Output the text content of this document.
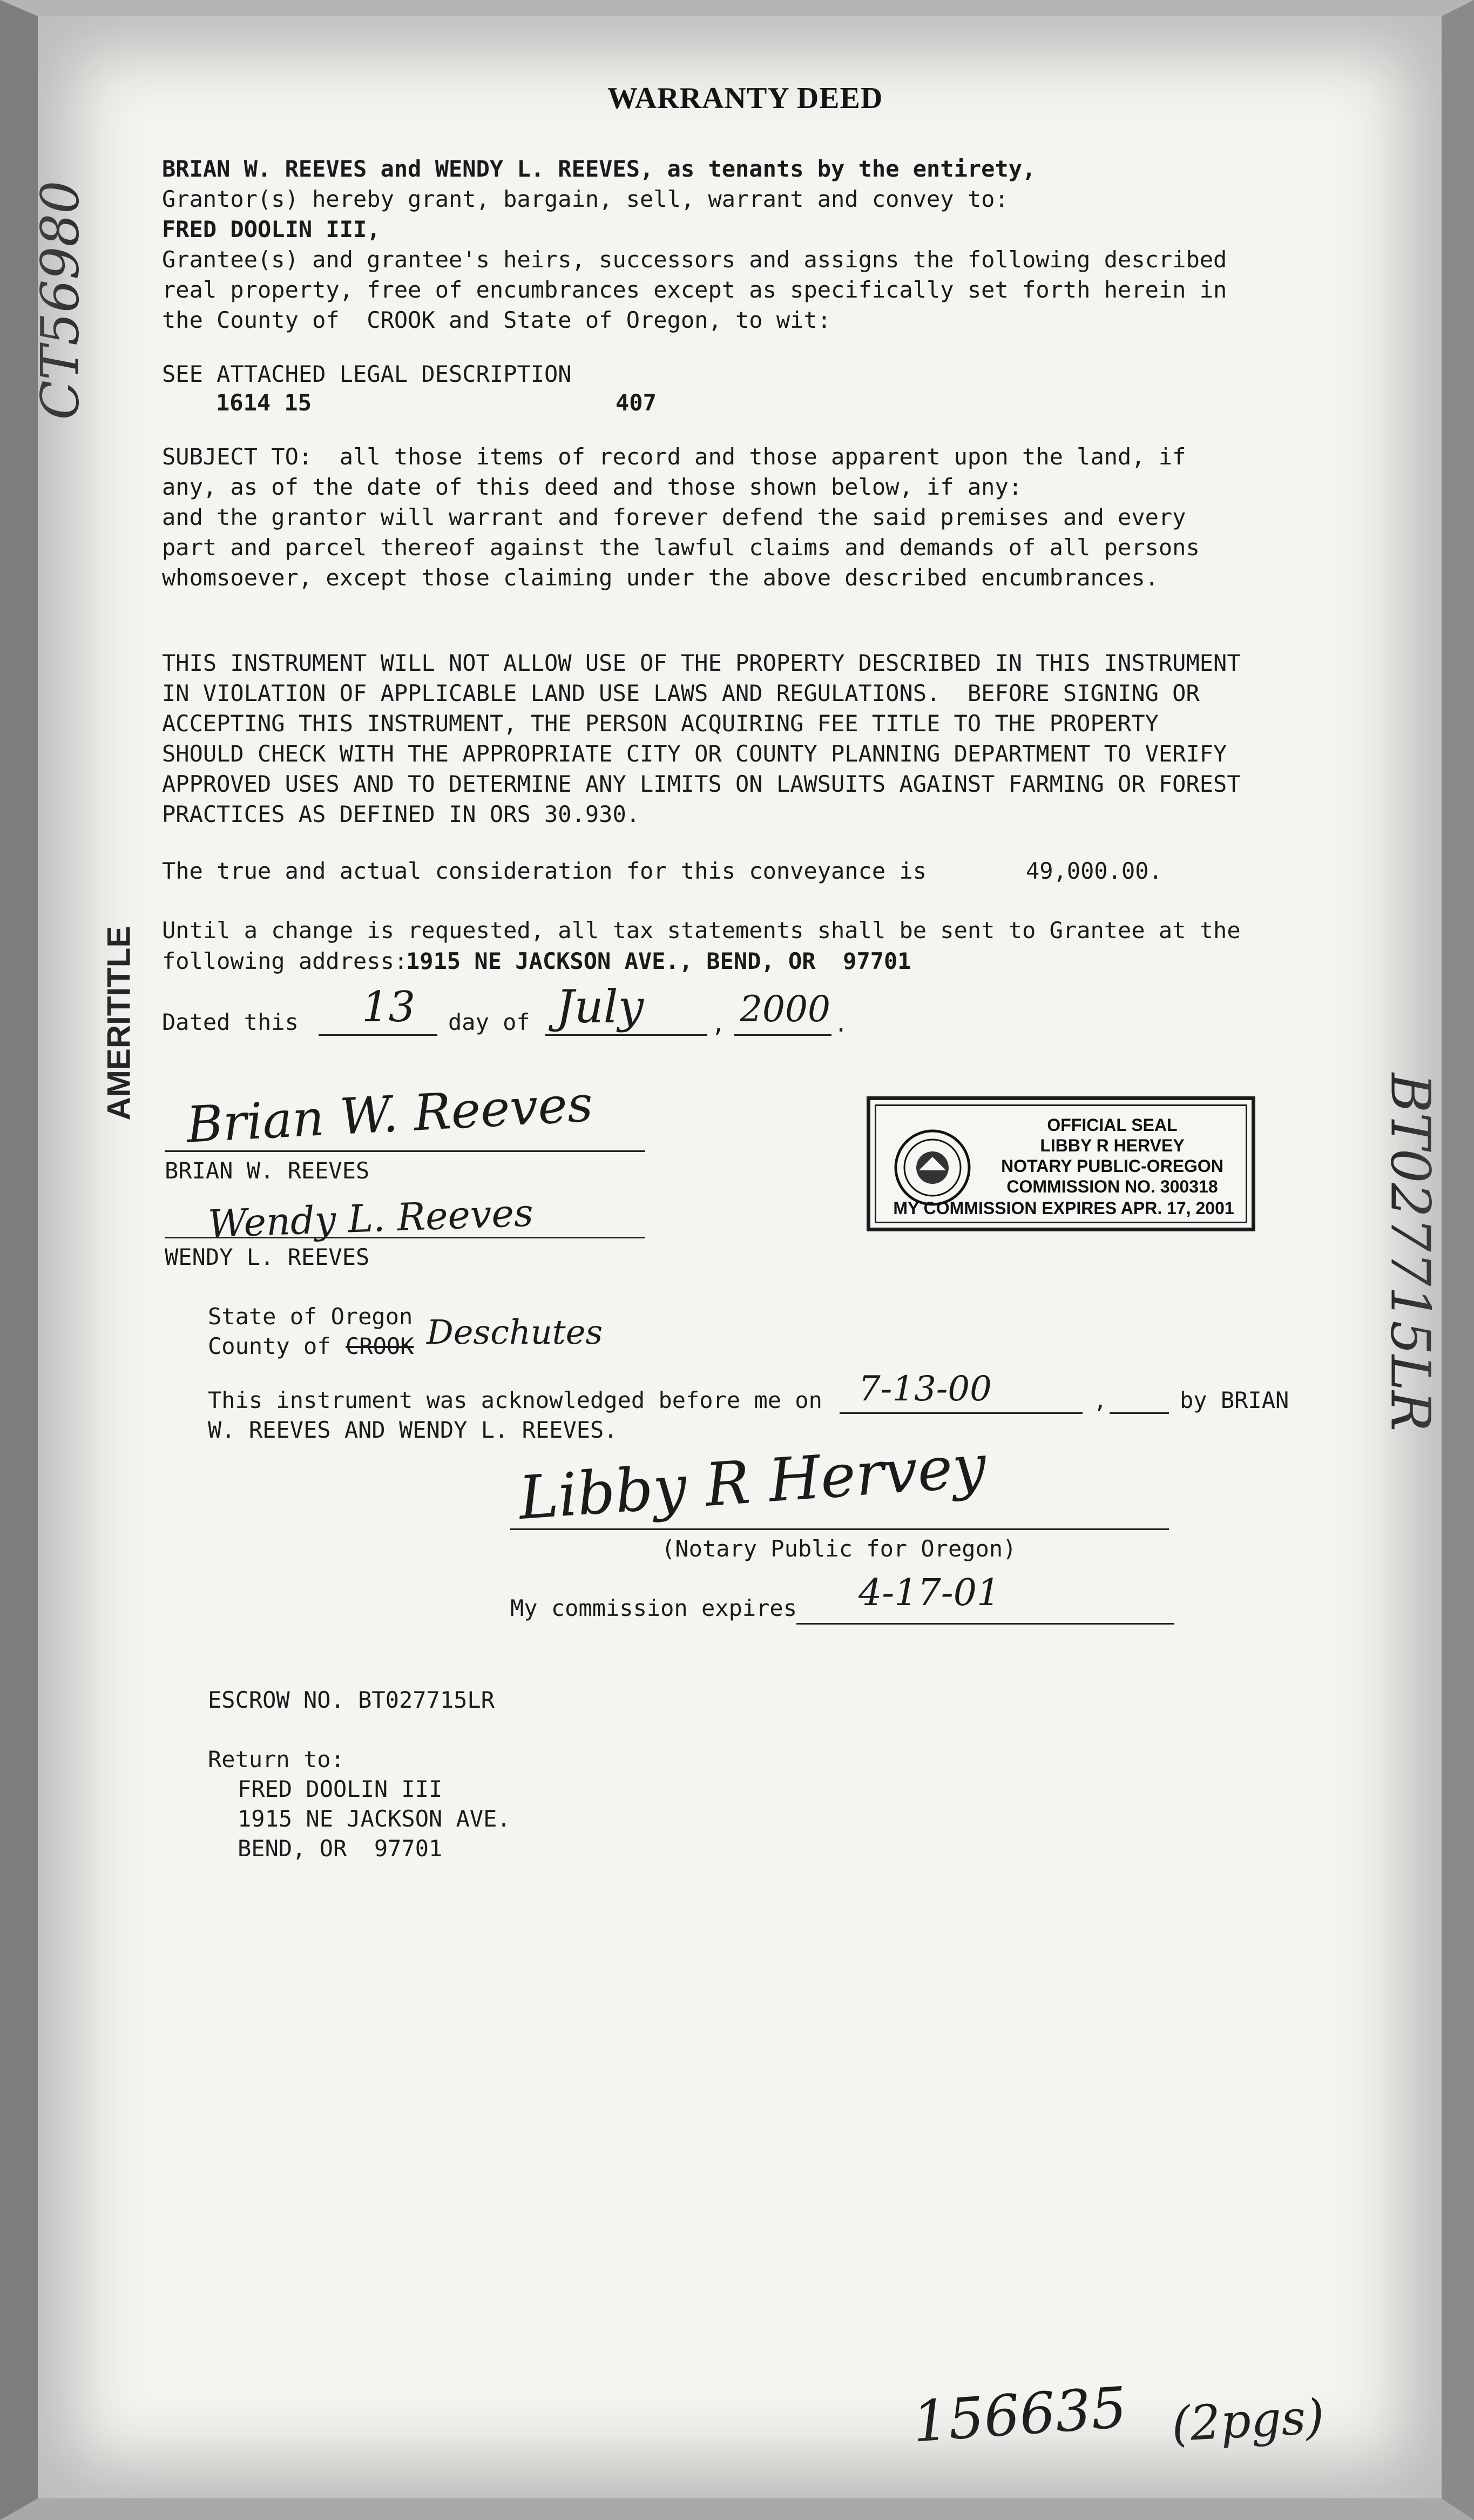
WARRANTY DEED
BRIAN W. REEVES and WENDY L. REEVES, as tenants by the entirety,
Grantor(s) hereby grant, bargain, sell, warrant and convey to:
FRED DOOLIN III,
Grantee(s) and grantee's heirs, successors and assigns the following described
real property, free of encumbrances except as specifically set forth herein in
the County of  CROOK and State of Oregon, to wit:
SEE ATTACHED LEGAL DESCRIPTION
1614 15	407
SUBJECT TO:  all those items of record and those apparent upon the land, if
any, as of the date of this deed and those shown below, if any:
and the grantor will warrant and forever defend the said premises and every
part and parcel thereof against the lawful claims and demands of all persons
whomsoever, except those claiming under the above described encumbrances.
THIS INSTRUMENT WILL NOT ALLOW USE OF THE PROPERTY DESCRIBED IN THIS INSTRUMENT
IN VIOLATION OF APPLICABLE LAND USE LAWS AND REGULATIONS.  BEFORE SIGNING OR
ACCEPTING THIS INSTRUMENT, THE PERSON ACQUIRING FEE TITLE TO THE PROPERTY
SHOULD CHECK WITH THE APPROPRIATE CITY OR COUNTY PLANNING DEPARTMENT TO VERIFY
APPROVED USES AND TO DETERMINE ANY LIMITS ON LAWSUITS AGAINST FARMING OR FOREST
PRACTICES AS DEFINED IN ORS 30.930.
The true and actual consideration for this conveyance is	49,000.00.
Until a change is requested, all tax statements shall be sent to Grantee at the
following address:
1915 NE JACKSON AVE., BEND, OR  97701
Dated this 13 day of July	, 2000 .
Brian W. Reeves
BRIAN W. REEVES
Wendy L. Reeves
WENDY L. REEVES
OFFICIAL SEAL
LIBBY R HERVEY
NOTARY PUBLIC-OREGON
COMMISSION NO. 300318
MY COMMISSION EXPIRES APR. 17, 2001
State of Oregon
County of CROOK Deschutes
This instrument was acknowledged before me on 7-13-00	,	by BRIAN
W. REEVES AND WENDY L. REEVES.
Libby R Hervey
(Notary Public for Oregon)
My commission expires 4-17-01
ESCROW NO. BT027715LR
Return to:
FRED DOOLIN III
1915 NE JACKSON AVE.
BEND, OR  97701
CT56980
AMERITITLE
BT027715LR
156635 (2pgs)
